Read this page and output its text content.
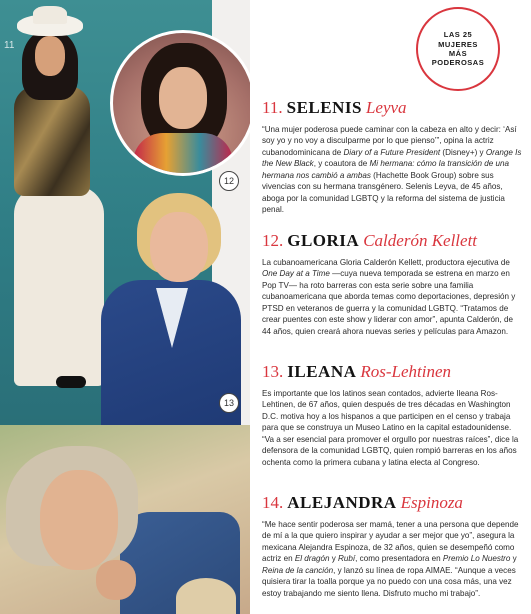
11
12
13
LAS 25
MUJERES
MÁS
PODEROSAS
11. SELENIS Leyva
“Una mujer poderosa puede caminar con la cabeza en alto y decir: ‘Así soy yo y no voy a disculparme por lo que pienso’”, opina la actriz cubanodominicana de Diary of a Future President (Disney+) y Orange Is the New Black, y coautora de Mi hermana: cómo la transición de una hermana nos cambió a ambas (Hachette Book Group) sobre sus vivencias con su hermana transgénero. Selenis Leyva, de 45 años, aboga por la comunidad LGBTQ y la reforma del sistema de justicia penal.
12. GLORIA Calderón Kellett
La cubanoamericana Gloria Calderón Kellett, productora ejecutiva de One Day at a Time —cuya nueva temporada se estrena en marzo en Pop TV— ha roto barreras con esta serie sobre una familia cubanoamericana que aborda temas como deportaciones, depresión y PTSD en veteranos de guerra y la comunidad LGBTQ. “Tratamos de crear puentes con este show y liderar con amor”, apunta Calderón, de 44 años, quien creará ahora nuevas series y películas para Amazon.
13. ILEANA Ros-Lehtinen
Es importante que los latinos sean contados, advierte Ileana Ros-Lehtinen, de 67 años, quien después de tres décadas en Washington D.C. motiva hoy a los hispanos a que participen en el censo y trabaja para que se construya un Museo Latino en la capital estadounidense. “Va a ser esencial para promover el orgullo por nuestras raíces”, dice la defensora de la comunidad LGBTQ, quien rompió barreras en los años ochenta como la primera cubana y latina electa al Congreso.
14. ALEJANDRA Espinoza
“Me hace sentir poderosa ser mamá, tener a una persona que depende de mí a la que quiero inspirar y ayudar a ser mejor que yo”, asegura la mexicana Alejandra Espinoza, de 32 años, quien se desempeñó como actriz en El dragón y Rubí, como presentadora en Premio Lo Nuestro y Reina de la canción, y lanzó su línea de ropa AIMAE. “Aunque a veces quisiera tirar la toalla porque ya no puedo con una cosa más, una vez estoy trabajando me siento llena. Disfruto mucho mi trabajo”.
